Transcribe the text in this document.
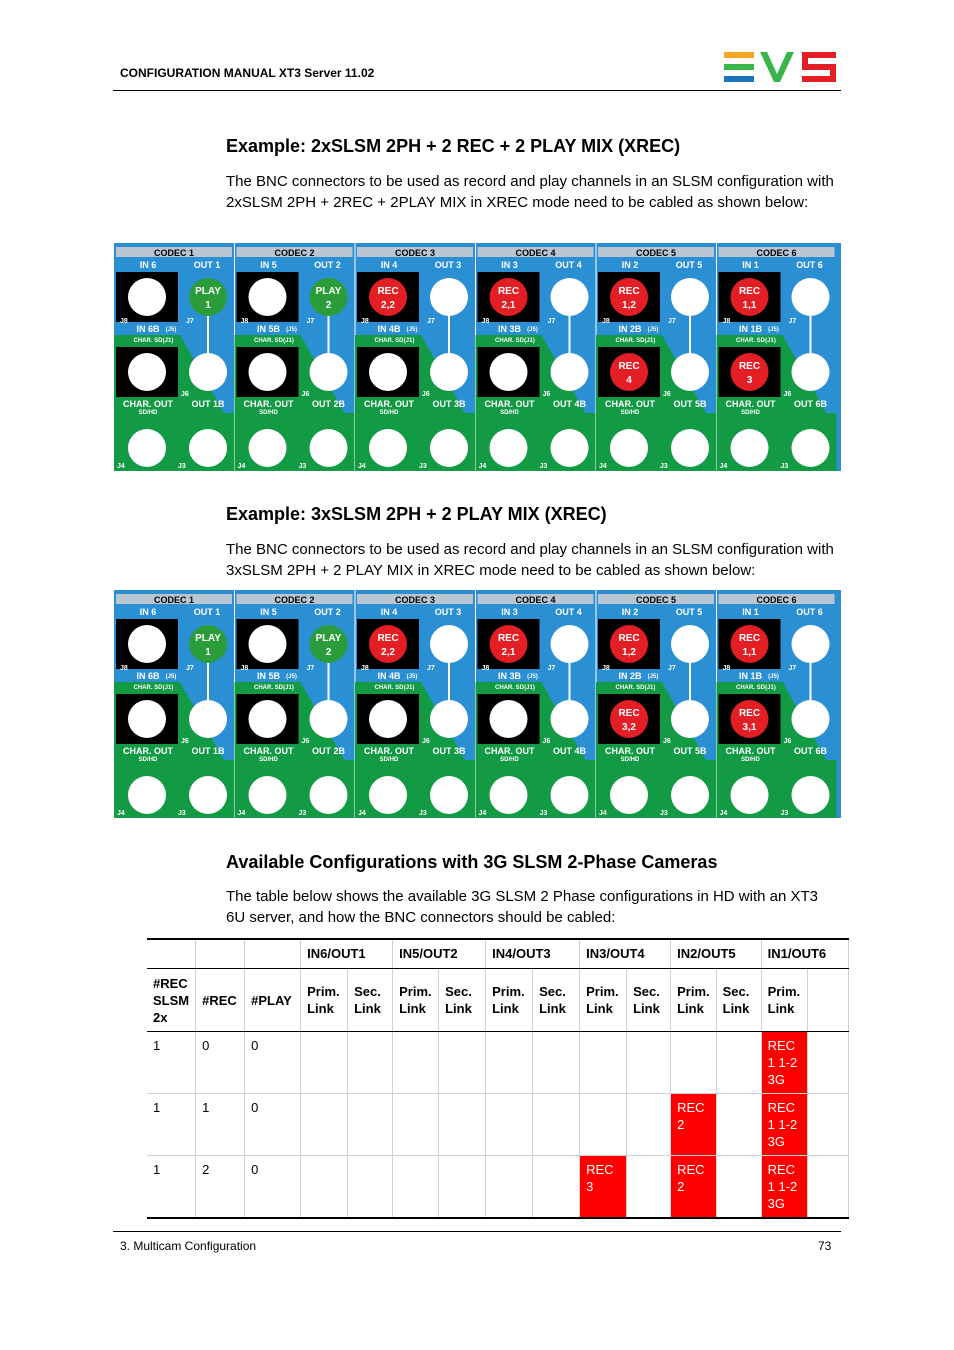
CONFIGURATION MANUAL XT3 Server 11.02
Example: 2xSLSM 2PH + 2 REC + 2 PLAY MIX (XREC)

The BNC connectors to be used as record and play channels in an SLSM configuration with 2xSLSM 2PH + 2REC + 2PLAY MIX in XREC mode need to be cabled as shown below:

CODEC 1
IN 6	OUT 1
PLAY
1
J8	J7
IN 6B (J5)
CHAR. SD (J1)
J6
CHAR. OUT
SD/HD
OUT 1B
J4	J3
CODEC 2
IN 5	OUT 2
PLAY
2
J8	J7
IN 5B (J5)
CHAR. SD (J1)
J6
CHAR. OUT
SD/HD
OUT 2B
J4	J3
CODEC 3
IN 4	OUT 3
REC
2,2
J8	J7
IN 4B (J5)
CHAR. SD (J1)
J6
CHAR. OUT
SD/HD
OUT 3B
J4	J3
CODEC 4
IN 3	OUT 4
REC
2,1
J8	J7
IN 3B (J5)
CHAR. SD (J1)
J6
CHAR. OUT
SD/HD
OUT 4B
J4	J3
CODEC 5
IN 2	OUT 5
REC
1,2
J8	J7
IN 2B (J5)
CHAR. SD (J1)
REC
4
J6
CHAR. OUT
SD/HD
OUT 5B
J4	J3
CODEC 6
IN 1	OUT 6
REC
1,1
J8	J7
IN 1B (J5)
CHAR. SD (J1)
REC
3
J6
CHAR. OUT
SD/HD
OUT 6B
J4	J3
Example: 3xSLSM 2PH + 2 PLAY MIX (XREC)

The BNC connectors to be used as record and play channels in an SLSM configuration with 3xSLSM 2PH + 2 PLAY MIX in XREC mode need to be cabled as shown below:

CODEC 1
IN 6	OUT 1
PLAY
1
J8	J7
IN 6B (J5)
CHAR. SD (J1)
J6
CHAR. OUT
SD/HD
OUT 1B
J4	J3
CODEC 2
IN 5	OUT 2
PLAY
2
J8	J7
IN 5B (J5)
CHAR. SD (J1)
J6
CHAR. OUT
SD/HD
OUT 2B
J4	J3
CODEC 3
IN 4	OUT 3
REC
2,2
J8	J7
IN 4B (J5)
CHAR. SD (J1)
J6
CHAR. OUT
SD/HD
OUT 3B
J4	J3
CODEC 4
IN 3	OUT 4
REC
2,1
J8	J7
IN 3B (J5)
CHAR. SD (J1)
J6
CHAR. OUT
SD/HD
OUT 4B
J4	J3
CODEC 5
IN 2	OUT 5
REC
1,2
J8	J7
IN 2B (J5)
CHAR. SD (J1)
REC
3,2
J6
CHAR. OUT
SD/HD
OUT 5B
J4	J3
CODEC 6
IN 1	OUT 6
REC
1,1
J8	J7
IN 1B (J5)
CHAR. SD (J1)
REC
3,1
J6
CHAR. OUT
SD/HD
OUT 6B
J4	J3
Available Configurations with 3G SLSM 2-Phase Cameras

The table below shows the available 3G SLSM 2 Phase configurations in HD with an XT3 6U server, and how the BNC connectors should be cabled:

			IN6/OUT1		IN5/OUT2		IN4/OUT3		IN3/OUT4		IN2/OUT5		IN1/OUT6	
#REC SLSM 2x	#REC	#PLAY	Prim. Link	Sec. Link	Prim. Link	Sec. Link	Prim. Link	Sec. Link	Prim. Link	Sec. Link	Prim. Link	Sec. Link	Prim. Link	
1	0	0											REC 1 1-2 3G	
1	1	0									REC 2		REC 1 1-2 3G	
1	2	0							REC 3		REC 2		REC 1 1-2 3G	
3. Multicam Configuration	73
